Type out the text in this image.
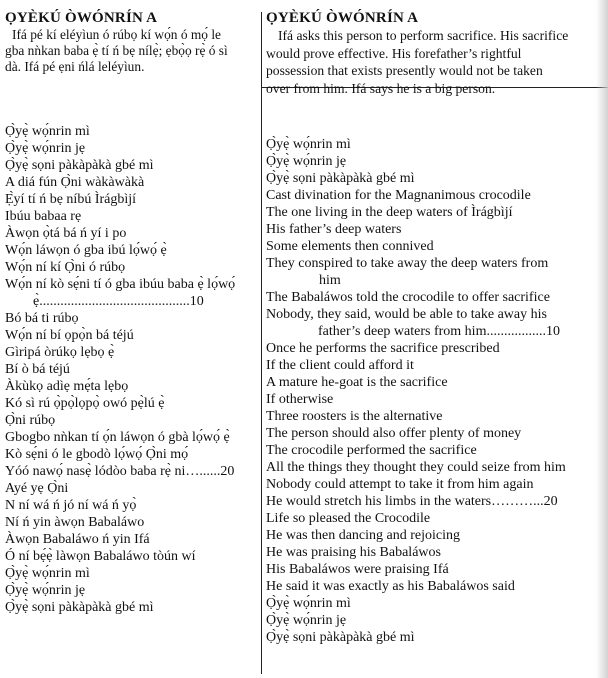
ỌYÈKÚ ÒWÓNRÍN A
Ifá pé kí eléyìun ó rúbọ kí wọ́n ó mọ́ le
gba nǹkan baba ẹ̀ tí ń bẹ nílẹ̀; ẹbọ̀ọ rẹ̀ ó sì
dà. Ifá pé ẹni ńlá leléyìun.
Ọ̀yẹ̀ wọ́nrin mì
Ọ̀yẹ̀ wọ́nrin jẹ
Ọ̀yẹ̀ sọni pàkàpàkà gbé mì
A diá fún Ọ̀ni wàkàwàkà
Ẹ̀yí tí ń bẹ níbú Ìrágbìjí
Ibúu babaa rẹ
Àwọn ọ̀tá bá ń yí i po
Wọ́n láwọn ó gba ibú lọ́wọ́ ẹ̀
Wọ́n ní kí Ọ̀ni ó rúbọ
Wọ́n ní kò sẹ́ni tí ó gba ibúu baba ẹ̀ lọ́wọ́
ẹ̀...........................................10
Bó bá ti rúbọ
Wọ́n ní bí ọpọ̀n bá téjú
Gìripá òrúkọ lẹbọ ẹ̀
Bí ò bá téjú
Àkùkọ adìẹ mẹ́ta lẹbọ
Kó sì rú ọ̀pọ̀lọpọ̀ owó pẹ̀lú ẹ̀
Ọ̀ni rúbọ
Gbogbo nǹkan tí ọ́n láwọn ó gbà lọ́wọ́ ẹ̀
Kò sẹ́ni ó le gbodò lọ́wọ́ Ọ̀ni mọ́
Yóó nawọ́ nasẹ̀ lódòo baba rẹ̀ ni…......20
Ayé yẹ Ọ̀ni
N ní wá ń jó ní wá ń yọ̀
Ní ń yin àwọn Babaláwo
Àwọn Babaláwo ń yin Ifá
Ó ní bẹ́ẹ̀ làwọn Babaláwo tòún wí
Ọ̀yẹ̀ wọ́nrin mì
Ọ̀yẹ̀ wọ́nrin jẹ
Ọ̀yẹ̀ sọni pàkàpàkà gbé mì
ỌYÈKÚ ÒWÓNRÍN A
Ifá asks this person to perform sacrifice. His sacrifice
would prove effective. His forefather’s rightful
possession that exists presently would not be taken
over from him. Ifá says he is a big person.
Ọ̀yẹ̀ wọ́nrin mì
Ọ̀yẹ̀ wọ́nrin jẹ
Ọ̀yẹ̀ sọni pàkàpàkà gbé mì
Cast divination for the Magnanimous crocodile
The one living in the deep waters of Ìrágbìjí
His father’s deep waters
Some elements then connived
They conspired to take away the deep waters from
him
The Babaláwos told the crocodile to offer sacrifice
Nobody, they said, would be able to take away his
father’s deep waters from him.................10
Once he performs the sacrifice prescribed
If the client could afford it
A mature he-goat is the sacrifice
If otherwise
Three roosters is the alternative
The person should also offer plenty of money
The crocodile performed the sacrifice
All the things they thought they could seize from him
Nobody could attempt to take it from him again
He would stretch his limbs in the waters………...20
Life so pleased the Crocodile
He was then dancing and rejoicing
He was praising his Babaláwos
His Babaláwos were praising Ifá
He said it was exactly as his Babaláwos said
Ọ̀yẹ̀ wọ́nrin mì
Ọ̀yẹ̀ wọ́nrin jẹ
Ọ̀yẹ̀ sọni pàkàpàkà gbé mì
